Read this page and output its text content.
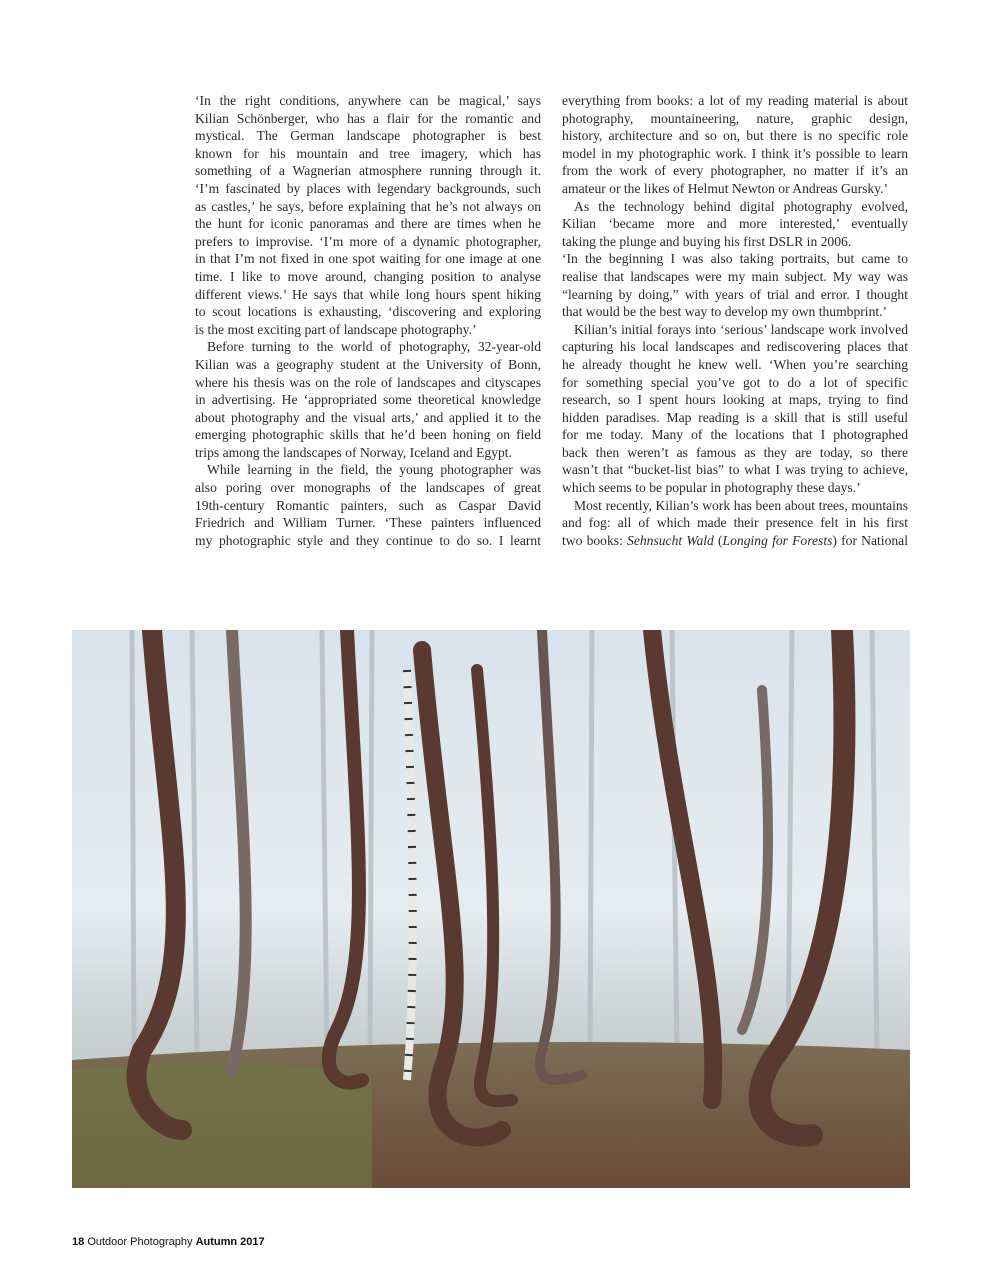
‘In the right conditions, anywhere can be magical,’ says
Kilian Schönberger, who has a flair for the romantic and
mystical. The German landscape photographer is best
known for his mountain and tree imagery, which has
something of a Wagnerian atmosphere running through it.
‘I’m fascinated by places with legendary backgrounds, such
as castles,’ he says, before explaining that he’s not always on
the hunt for iconic panoramas and there are times when he
prefers to improvise. ‘I’m more of a dynamic photographer,
in that I’m not fixed in one spot waiting for one image at one
time. I like to move around, changing position to analyse
different views.’ He says that while long hours spent hiking
to scout locations is exhausting, ‘discovering and exploring
is the most exciting part of landscape photography.’
Before turning to the world of photography, 32-year-old
Kilian was a geography student at the University of Bonn,
where his thesis was on the role of landscapes and cityscapes
in advertising. He ‘appropriated some theoretical knowledge
about photography and the visual arts,’ and applied it to the
emerging photographic skills that he’d been honing on field
trips among the landscapes of Norway, Iceland and Egypt.
While learning in the field, the young photographer was
also poring over monographs of the landscapes of great
19th-century Romantic painters, such as Caspar David
Friedrich and William Turner. ‘These painters influenced
my photographic style and they continue to do so. I learnt
everything from books: a lot of my reading material is about
photography, mountaineering, nature, graphic design,
history, architecture and so on, but there is no specific role
model in my photographic work. I think it’s possible to learn
from the work of every photographer, no matter if it’s an
amateur or the likes of Helmut Newton or Andreas Gursky.’
As the technology behind digital photography evolved,
Kilian ‘became more and more interested,’ eventually
taking the plunge and buying his first DSLR in 2006.
‘In the beginning I was also taking portraits, but came to
realise that landscapes were my main subject. My way was
“learning by doing,” with years of trial and error. I thought
that would be the best way to develop my own thumbprint.’
Kilian’s initial forays into ‘serious’ landscape work involved
capturing his local landscapes and rediscovering places that
he already thought he knew well. ‘When you’re searching
for something special you’ve got to do a lot of specific
research, so I spent hours looking at maps, trying to find
hidden paradises. Map reading is a skill that is still useful
for me today. Many of the locations that I photographed
back then weren’t as famous as they are today, so there
wasn’t that “bucket-list bias” to what I was trying to achieve,
which seems to be popular in photography these days.’
Most recently, Kilian’s work has been about trees, mountains
and fog: all of which made their presence felt in his first
two books: Sehnsucht Wald (Longing for Forests) for National
18 Outdoor Photography Autumn 2017
